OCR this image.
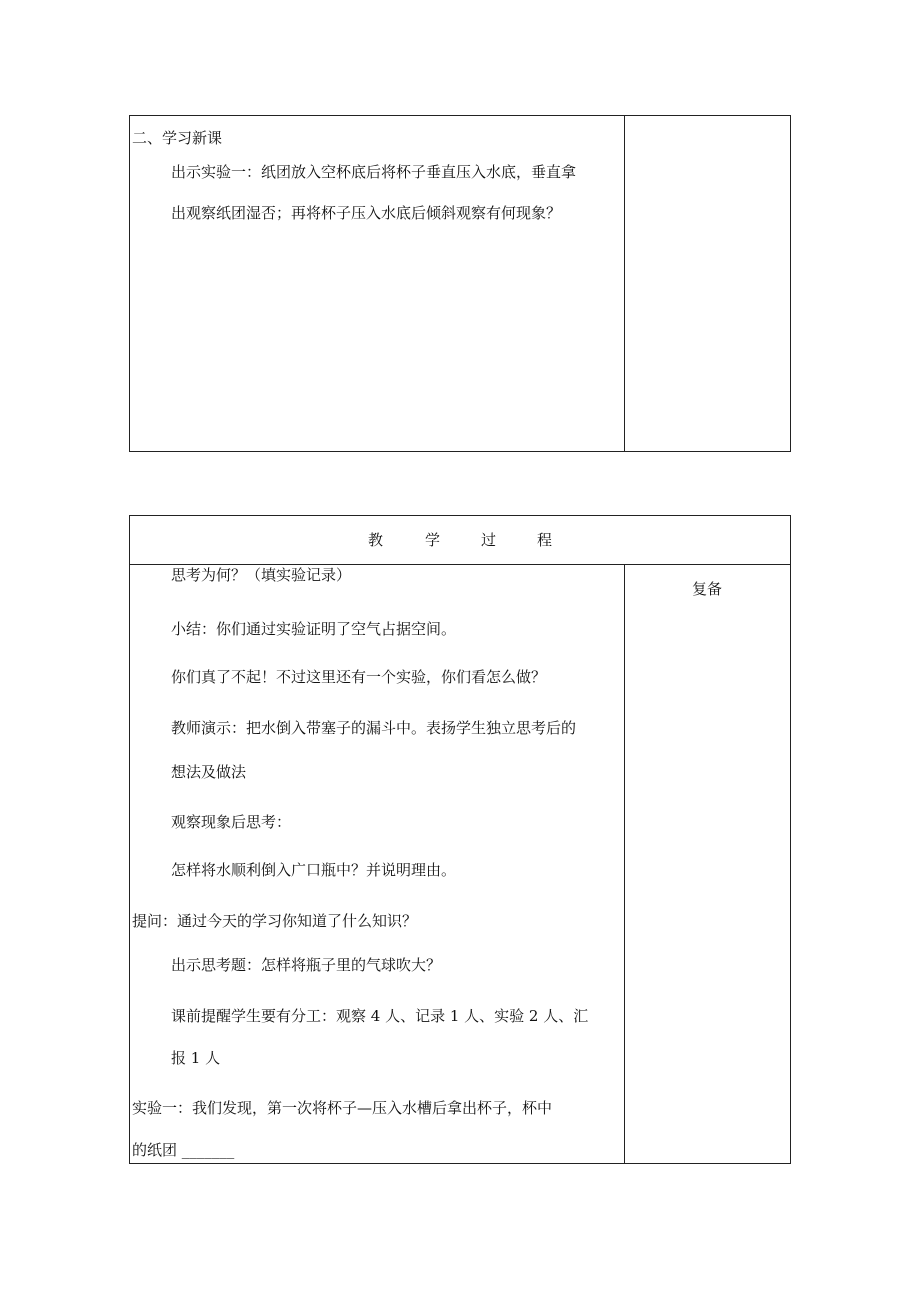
二、学习新课
出示实验一：纸团放入空杯底后将杯子垂直压入水底，垂直拿
出观察纸团湿否；再将杯子压入水底后倾斜观察有何现象？
教	学	过	程
复备
思考为何？（填实验记录）
小结：你们通过实验证明了空气占据空间。
你们真了不起！不过这里还有一个实验，你们看怎么做？
教师演示：把水倒入带塞子的漏斗中。表扬学生独立思考后的
想法及做法
观察现象后思考：
怎样将水顺利倒入广口瓶中？并说明理由。
提问：通过今天的学习你知道了什么知识？
出示思考题：怎样将瓶子里的气球吹大？
课前提醒学生要有分工：观察 4 人、记录 1 人、实验 2 人、汇
报 1 人
实验一：我们发现，第一次将杯子—压入水槽后拿出杯子，杯中
的纸团 _______
